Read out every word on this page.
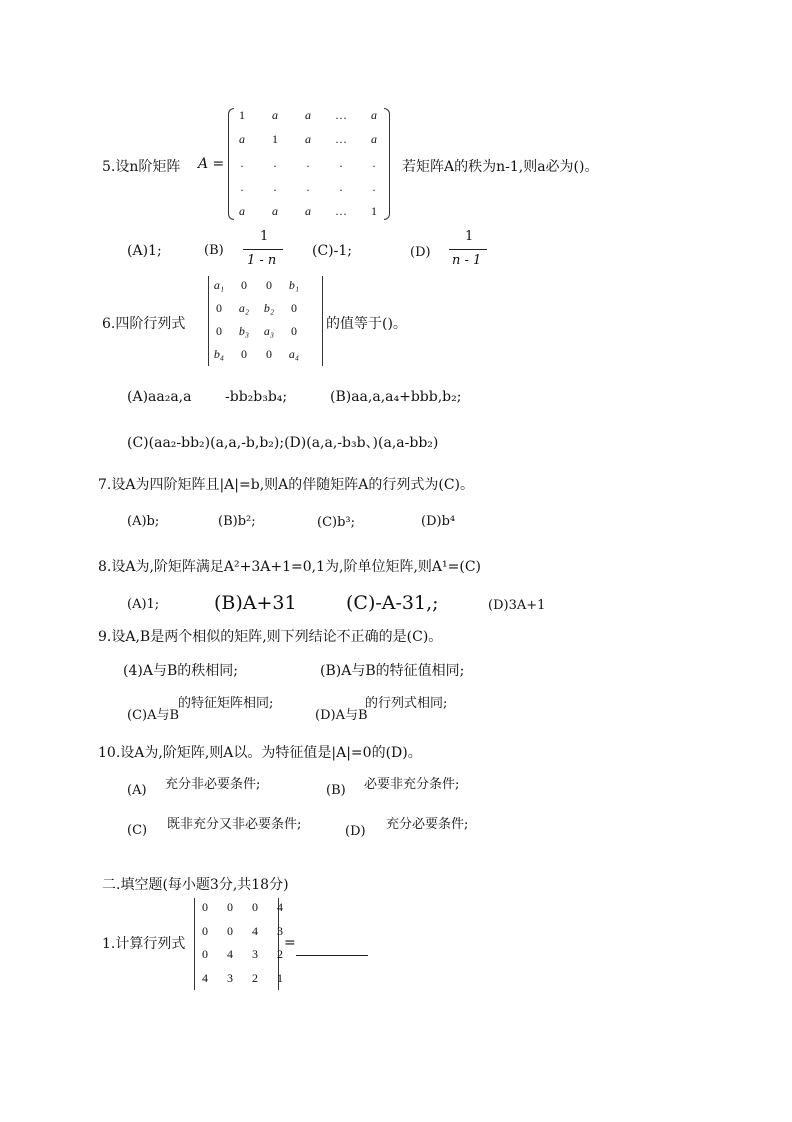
5.设n阶矩阵 A =
1	a	a	…	a
a	1	a	…	a
.	.	.	.	.
.	.	.	.	.
a	a	a	…	1
若矩阵A的秩为n-1,则a必为()。
(A)1;	(B)
1
1 - n
(C)-1;	(D)
1
n - 1
6.四阶行列式
a₁	0	0	b₁
0	a₂	b₂	0
0	b₃	a₃	0
b₄	0	0	a₄
的值等于()。
(A)aa₂a,a -bb₂b₃b₄;	(B)aa,a,a₄+bbb,b₂;
(C)(aa₂-bb₂)(a,a,-b,b₂);(D)(a,a,-b₃b、)(a,a-bb₂)
7.设A为四阶矩阵且|A|=b,则A的伴随矩阵A的行列式为(C)。
(A)b;	(B)b²;	(C)b³;	(D)b⁴
8.设A为,阶矩阵满足A²+3A+1=0,1为,阶单位矩阵,则A¹=(C)
(A)1;	(B)A+31	(C)-A-31,;	(D)3A+1
9.设A,B是两个相似的矩阵,则下列结论不正确的是(C)。
(4)A与B的秩相同;	(B)A与B的特征值相同;
(C)A与B
的特征矩阵相同;
(D)A与B
的行列式相同;
10.设A为,阶矩阵,则A以。为特征值是|A|=0的(D)。
(A) 充分非必要条件;	(B) 必要非充分条件;
(C) 既非充分又非必要条件;	(D) 充分必要条件;
二.填空题(每小题3分,共18分)
1.计算行列式
0	0	0	4
0	0	4	3
0	4	3	2
4	3	2	1
=
